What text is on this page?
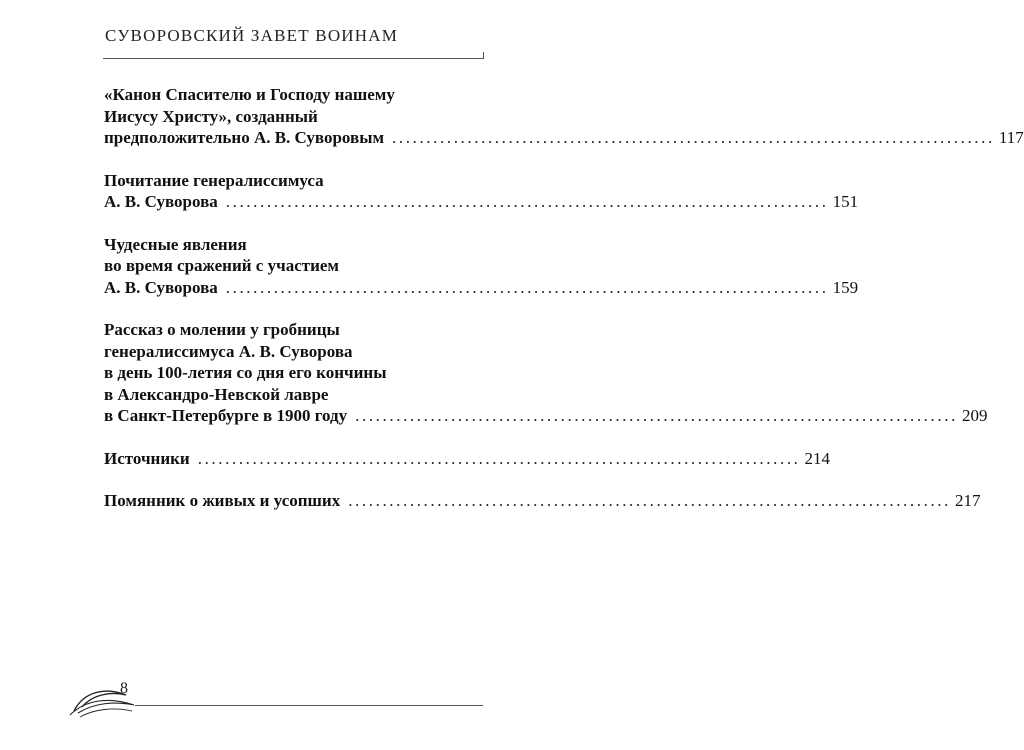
СУВОРОВСКИЙ ЗАВЕТ ВОИНАМ
«Канон Спасителю и Господу нашему
Иисусу Христу», созданный
предположительно А. В. Суворовым ........................................................................................ 117
Почитание генералиссимуса
А. В. Суворова ........................................................................................ 151
Чудесные явления
во время сражений с участием
А. В. Суворова ........................................................................................ 159
Рассказ о молении у гробницы
генералиссимуса А. В. Суворова
в день 100-летия со дня его кончины
в Александро-Невской лавре
в Санкт-Петербурге в 1900 году ........................................................................................ 209
Источники ........................................................................................ 214
Помянник о живых и усопших ........................................................................................ 217
8
